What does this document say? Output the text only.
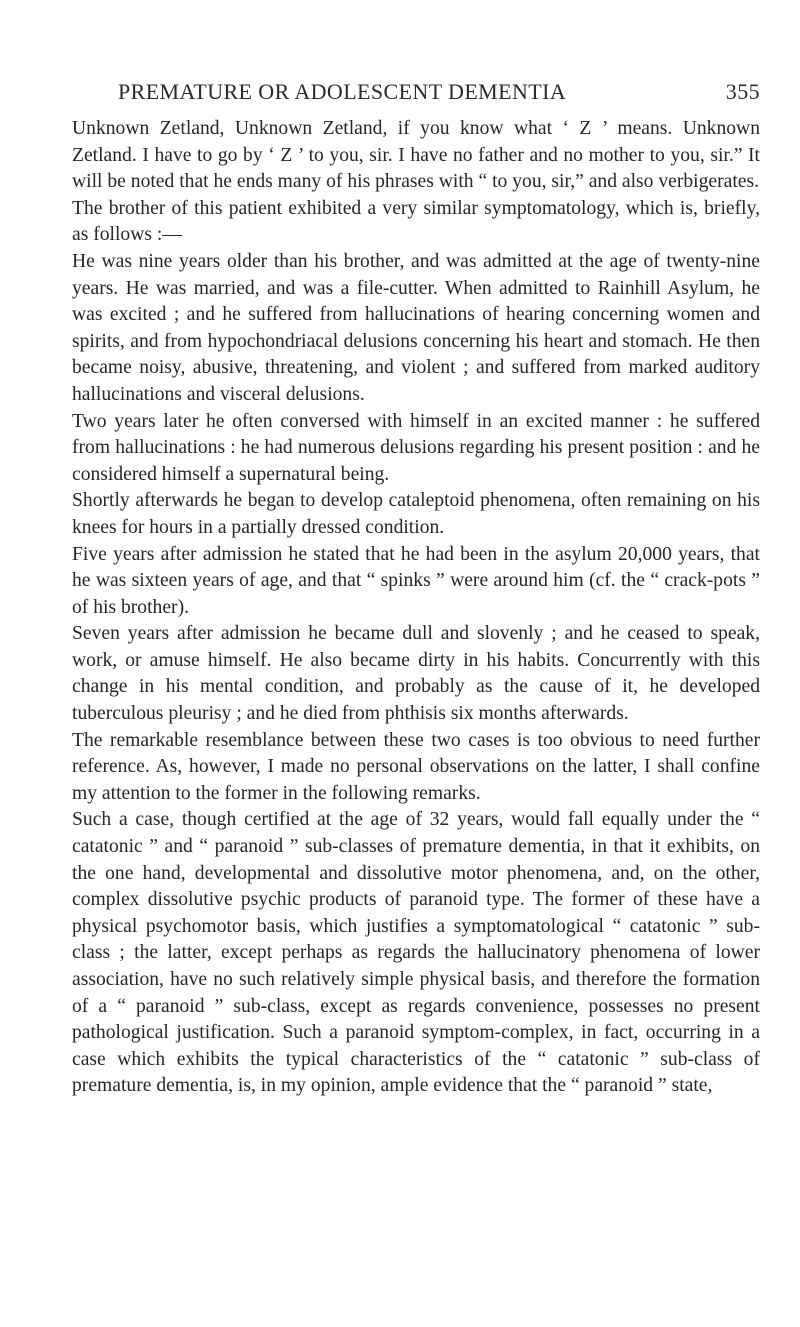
PREMATURE OR ADOLESCENT DEMENTIA	355

Unknown Zetland, Unknown Zetland, if you know what ‘ Z ’ means. Unknown Zetland. I have to go by ‘ Z ’ to you, sir. I have no father and no mother to you, sir.” It will be noted that he ends many of his phrases with “ to you, sir,” and also verbigerates.

The brother of this patient exhibited a very similar symptomatology, which is, briefly, as follows :—

He was nine years older than his brother, and was admitted at the age of twenty-nine years. He was married, and was a file-cutter. When admitted to Rainhill Asylum, he was excited ; and he suffered from hallucinations of hearing concerning women and spirits, and from hypochondriacal delusions concerning his heart and stomach. He then became noisy, abusive, threatening, and violent ; and suffered from marked auditory hallucinations and visceral delusions.

Two years later he often conversed with himself in an excited manner : he suffered from hallucinations : he had numerous delusions regarding his present position : and he considered himself a supernatural being.

Shortly afterwards he began to develop cataleptoid phenomena, often remaining on his knees for hours in a partially dressed condition.

Five years after admission he stated that he had been in the asylum 20,000 years, that he was sixteen years of age, and that “ spinks ” were around him (cf. the “ crack-pots ” of his brother).

Seven years after admission he became dull and slovenly ; and he ceased to speak, work, or amuse himself. He also became dirty in his habits. Concurrently with this change in his mental condition, and probably as the cause of it, he developed tuberculous pleurisy ; and he died from phthisis six months afterwards.

The remarkable resemblance between these two cases is too obvious to need further reference. As, however, I made no personal observations on the latter, I shall confine my attention to the former in the following remarks.

Such a case, though certified at the age of 32 years, would fall equally under the “ catatonic ” and “ paranoid ” sub-classes of premature dementia, in that it exhibits, on the one hand, developmental and dissolutive motor phenomena, and, on the other, complex dissolutive psychic products of paranoid type. The former of these have a physical psychomotor basis, which justifies a symptomatological “ catatonic ” sub-class ; the latter, except perhaps as regards the hallucinatory phenomena of lower association, have no such relatively simple physical basis, and therefore the formation of a “ paranoid ” sub-class, except as regards convenience, possesses no present pathological justification. Such a paranoid symptom-complex, in fact, occurring in a case which exhibits the typical characteristics of the “ catatonic ” sub-class of premature dementia, is, in my opinion, ample evidence that the “ paranoid ” state,
